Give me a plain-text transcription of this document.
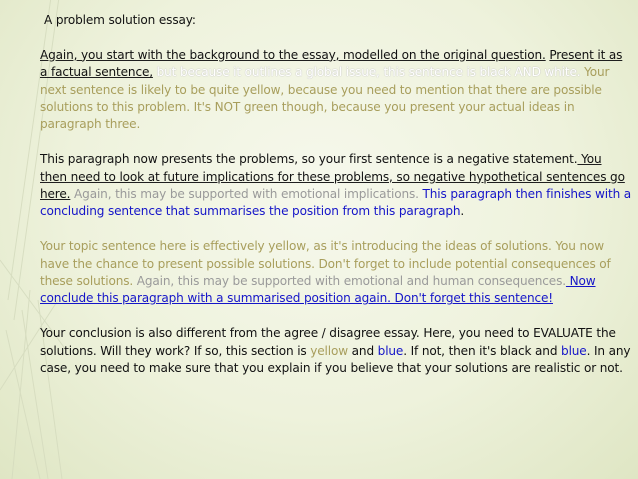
A problem solution essay:

Again, you start with the background to the essay, modelled on the original question. Present it as a factual sentence, but because it outlines a global issue, this sentence is black AND white. Your next sentence is likely to be quite yellow, because you need to mention that there are possible solutions to this problem. It's NOT green though, because you present your actual ideas in paragraph three.

This paragraph now presents the problems, so your first sentence is a negative statement. You then need to look at future implications for these problems, so negative hypothetical sentences go here. Again, this may be supported with emotional implications. This paragraph then finishes with a concluding sentence that summarises the position from this paragraph.

Your topic sentence here is effectively yellow, as it's introducing the ideas of solutions. You now have the chance to present possible solutions. Don't forget to include potential consequences of these solutions. Again, this may be supported with emotional and human consequences. Now conclude this paragraph with a summarised position again. Don't forget this sentence!

Your conclusion is also different from the agree / disagree essay. Here, you need to EVALUATE the solutions. Will they work? If so, this section is yellow and blue. If not, then it's black and blue. In any case, you need to make sure that you explain if you believe that your solutions are realistic or not.
